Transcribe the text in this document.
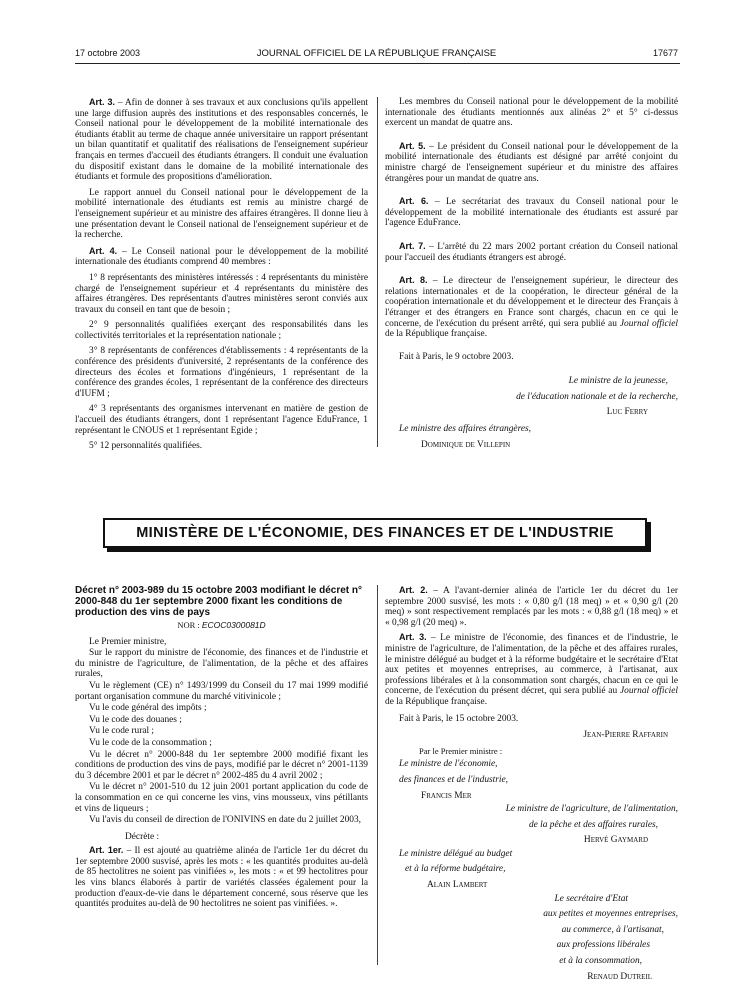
17 octobre 2003	JOURNAL OFFICIEL DE LA RÉPUBLIQUE FRANÇAISE	17677

Art. 3. – Afin de donner à ses travaux et aux conclusions qu'ils appellent une large diffusion auprès des institutions et des responsables concernés, le Conseil national pour le développement de la mobilité internationale des étudiants établit au terme de chaque année universitaire un rapport présentant un bilan quantitatif et qualitatif des réalisations de l'enseignement supérieur français en termes d'accueil des étudiants étrangers. Il conduit une évaluation du dispositif existant dans le domaine de la mobilité internationale des étudiants et formule des propositions d'amélioration.

Le rapport annuel du Conseil national pour le développement de la mobilité internationale des étudiants est remis au ministre chargé de l'enseignement supérieur et au ministre des affaires étrangères. Il donne lieu à une présentation devant le Conseil national de l'enseignement supérieur et de la recherche.

Art. 4. – Le Conseil national pour le développement de la mobilité internationale des étudiants comprend 40 membres :

1° 8 représentants des ministères intéressés : 4 représentants du ministère chargé de l'enseignement supérieur et 4 représentants du ministère des affaires étrangères. Des représentants d'autres ministères seront conviés aux travaux du conseil en tant que de besoin ;

2° 9 personnalités qualifiées exerçant des responsabilités dans les collectivités territoriales et la représentation nationale ;

3° 8 représentants de conférences d'établissements : 4 représentants de la conférence des présidents d'université, 2 représentants de la conférence des directeurs des écoles et formations d'ingénieurs, 1 représentant de la conférence des grandes écoles, 1 représentant de la conférence des directeurs d'IUFM ;

4° 3 représentants des organismes intervenant en matière de gestion de l'accueil des étudiants étrangers, dont 1 représentant l'agence EduFrance, 1 représentant le CNOUS et 1 représentant Egide ;

5° 12 personnalités qualifiées.

Les membres du Conseil national pour le développement de la mobilité internationale des étudiants mentionnés aux alinéas 2° et 5° ci-dessus exercent un mandat de quatre ans.

Art. 5. – Le président du Conseil national pour le développement de la mobilité internationale des étudiants est désigné par arrêté conjoint du ministre chargé de l'enseignement supérieur et du ministre des affaires étrangères pour un mandat de quatre ans.

Art. 6. – Le secrétariat des travaux du Conseil national pour le développement de la mobilité internationale des étudiants est assuré par l'agence EduFrance.

Art. 7. – L'arrêté du 22 mars 2002 portant création du Conseil national pour l'accueil des étudiants étrangers est abrogé.

Art. 8. – Le directeur de l'enseignement supérieur, le directeur des relations internationales et de la coopération, le directeur général de la coopération internationale et du développement et le directeur des Français à l'étranger et des étrangers en France sont chargés, chacun en ce qui le concerne, de l'exécution du présent arrêté, qui sera publié au Journal officiel de la République française.

Fait à Paris, le 9 octobre 2003.

Le ministre de la jeunesse,

de l'éducation nationale et de la recherche,

Luc Ferry

Le ministre des affaires étrangères,

Dominique de Villepin

MINISTÈRE DE L'ÉCONOMIE, DES FINANCES ET DE L'INDUSTRIE
Décret n° 2003-989 du 15 octobre 2003 modifiant le décret n° 2000-848 du 1er septembre 2000 fixant les conditions de production des vins de pays
NOR : ECOC0300081D

Le Premier ministre,

Sur le rapport du ministre de l'économie, des finances et de l'industrie et du ministre de l'agriculture, de l'alimentation, de la pêche et des affaires rurales,

Vu le règlement (CE) n° 1493/1999 du Conseil du 17 mai 1999 modifié portant organisation commune du marché vitivinicole ;

Vu le code général des impôts ;

Vu le code des douanes ;

Vu le code rural ;

Vu le code de la consommation ;

Vu le décret n° 2000-848 du 1er septembre 2000 modifié fixant les conditions de production des vins de pays, modifié par le décret n° 2001-1139 du 3 décembre 2001 et par le décret n° 2002-485 du 4 avril 2002 ;

Vu le décret n° 2001-510 du 12 juin 2001 portant application du code de la consommation en ce qui concerne les vins, vins mousseux, vins pétillants et vins de liqueurs ;

Vu l'avis du conseil de direction de l'ONIVINS en date du 2 juillet 2003,

Décrète :

Art. 1er. – Il est ajouté au quatrième alinéa de l'article 1er du décret du 1er septembre 2000 susvisé, après les mots : « les quantités produites au-delà de 85 hectolitres ne soient pas vinifiées », les mots : « et 99 hectolitres pour les vins blancs élaborés à partir de variétés classées également pour la production d'eaux-de-vie dans le département concerné, sous réserve que les quantités produites au-delà de 90 hectolitres ne soient pas vinifiées. ».

Art. 2. – A l'avant-dernier alinéa de l'article 1er du décret du 1er septembre 2000 susvisé, les mots : « 0,80 g/l (18 meq) » et « 0,90 g/l (20 meq) » sont respectivement remplacés par les mots : « 0,88 g/l (18 meq) » et « 0,98 g/l (20 meq) ».

Art. 3. – Le ministre de l'économie, des finances et de l'industrie, le ministre de l'agriculture, de l'alimentation, de la pêche et des affaires rurales, le ministre délégué au budget et à la réforme budgétaire et le secrétaire d'Etat aux petites et moyennes entreprises, au commerce, à l'artisanat, aux professions libérales et à la consommation sont chargés, chacun en ce qui le concerne, de l'exécution du présent décret, qui sera publié au Journal officiel de la République française.

Fait à Paris, le 15 octobre 2003.

Jean-Pierre Raffarin

Par le Premier ministre :

Le ministre de l'économie,

des finances et de l'industrie,

Francis Mer

Le ministre de l'agriculture, de l'alimentation,

de la pêche et des affaires rurales,

Hervé Gaymard

Le ministre délégué au budget

et à la réforme budgétaire,

Alain Lambert

Le secrétaire d'Etat

aux petites et moyennes entreprises,

au commerce, à l'artisanat,

aux professions libérales

et à la consommation,

Renaud Dutreil
